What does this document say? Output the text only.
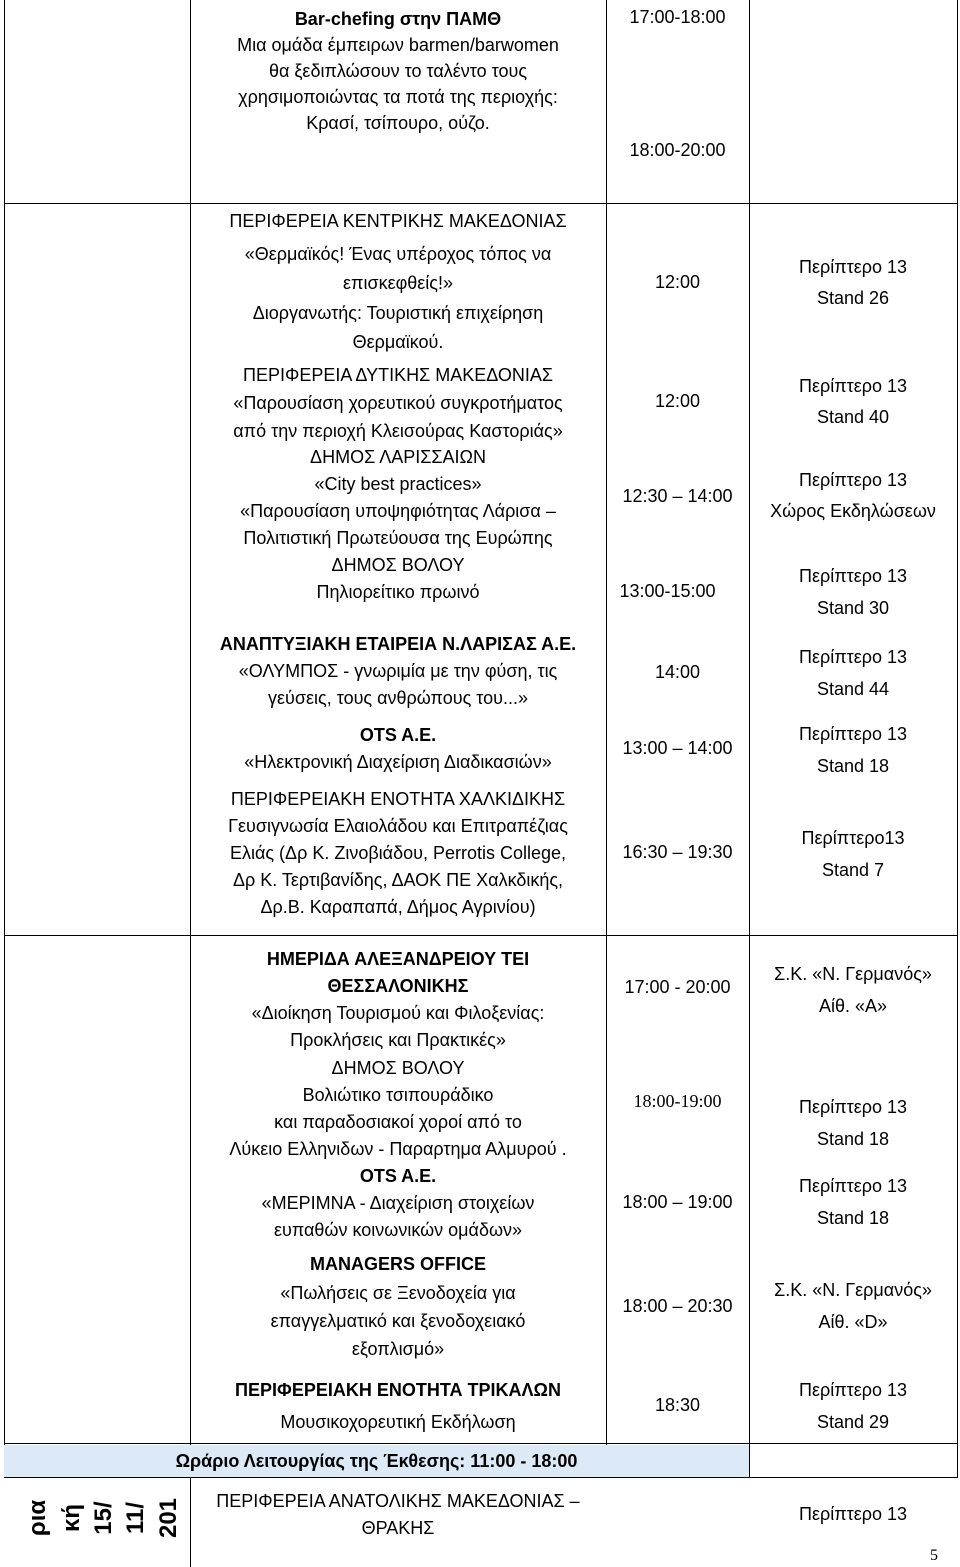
Bar-chefing στην ΠΑΜΘ
Μια ομάδα έμπειρων barmen/barwomen
θα ξεδιπλώσουν το ταλέντο τους
χρησιμοποιώντας τα ποτά της περιοχής:
Κρασί, τσίπουρο, ούζο.
17:00-18:00
18:00-20:00
ΠΕΡΙΦΕΡΕΙΑ ΚΕΝΤΡΙΚΗΣ ΜΑΚΕΔΟΝΙΑΣ
«Θερμαϊκός! Ένας υπέροχος τόπος να
επισκεφθείς!»
Διοργανωτής: Τουριστική επιχείρηση
Θερμαϊκού.
12:00
Περίπτερο 13
Stand 26
ΠΕΡΙΦΕΡΕΙΑ ΔΥΤΙΚΗΣ ΜΑΚΕΔΟΝΙΑΣ
«Παρουσίαση χορευτικού συγκροτήματος
από την περιοχή Κλεισούρας Καστοριάς»
12:00
Περίπτερο 13
Stand 40
ΔΗΜΟΣ ΛΑΡΙΣΣΑΙΩΝ
«City best practices»
«Παρουσίαση υποψηφιότητας Λάρισα –
Πολιτιστική Πρωτεύουσα της Ευρώπης
12:30 – 14:00
Περίπτερο 13
Χώρος Εκδηλώσεων
ΔΗΜΟΣ ΒΟΛΟΥ
Πηλιορείτικο πρωινό	13:00-15:00
Περίπτερο 13
Stand 30
ΑΝΑΠΤΥΞΙΑΚΗ ΕΤΑΙΡΕΙΑ Ν.ΛΑΡΙΣΑΣ Α.Ε.
«ΟΛΥΜΠΟΣ - γνωριμία με την φύση, τις
γεύσεις, τους ανθρώπους του...»
14:00
Περίπτερο 13
Stand 44
OTS A.E.
«Ηλεκτρονική Διαχείριση Διαδικασιών»
13:00 – 14:00
Περίπτερο 13
Stand 18
ΠΕΡΙΦΕΡΕΙΑΚΗ ΕΝΟΤΗΤΑ ΧΑΛΚΙΔΙΚΗΣ
Γευσιγνωσία Ελαιολάδου και Επιτραπέζιας
Ελιάς (Δρ Κ. Ζινοβιάδου, Perrotis College,
Δρ Κ. Τερτιβανίδης, ΔΑΟΚ ΠΕ Χαλκδικής,
Δρ.Β. Καραπαπά, Δήμος Αγρινίου)
16:30 – 19:30
Περίπτερο13
Stand 7
ΗΜΕΡΙΔΑ ΑΛΕΞΑΝΔΡΕΙΟΥ ΤΕΙ
ΘΕΣΣΑΛΟΝΙΚΗΣ
«Διοίκηση Τουρισμού και Φιλοξενίας:
Προκλήσεις και Πρακτικές»
17:00 - 20:00
Σ.Κ. «Ν. Γερμανός»
Αίθ. «Α»
ΔΗΜΟΣ ΒΟΛΟΥ
Βολιώτικο τσιπουράδικο
και παραδοσιακοί χοροί από το
Λύκειο Ελληνιδων - Παραρτημα Αλμυρού .
18:00-19:00	Περίπτερο 13
Stand 18
OTS A.E.
«ΜΕΡΙΜΝΑ - Διαχείριση στοιχείων
ευπαθών κοινωνικών ομάδων»
18:00 – 19:00
Περίπτερο 13
Stand 18
MANAGERS OFFICE
«Πωλήσεις σε Ξενοδοχεία για
επαγγελματικό και ξενοδοχειακό
εξοπλισμό»
18:00 – 20:30
Σ.Κ. «Ν. Γερμανός»
Αίθ. «D»
ΠΕΡΙΦΕΡΕΙΑΚΗ ΕΝΟΤΗΤΑ ΤΡΙΚΑΛΩΝ
Μουσικοχορευτική Εκδήλωση
18:30
Περίπτερο 13
Stand 29
Ωράριο Λειτουργίας της Έκθεσης: 11:00 - 18:00
ΠΕΡΙΦΕΡΕΙΑ ΑΝΑΤΟΛΙΚΗΣ ΜΑΚΕΔΟΝΙΑΣ –
ΘΡΑΚΗΣ
Περίπτερο 13
ρια κή 15/ 11/ 201
5
